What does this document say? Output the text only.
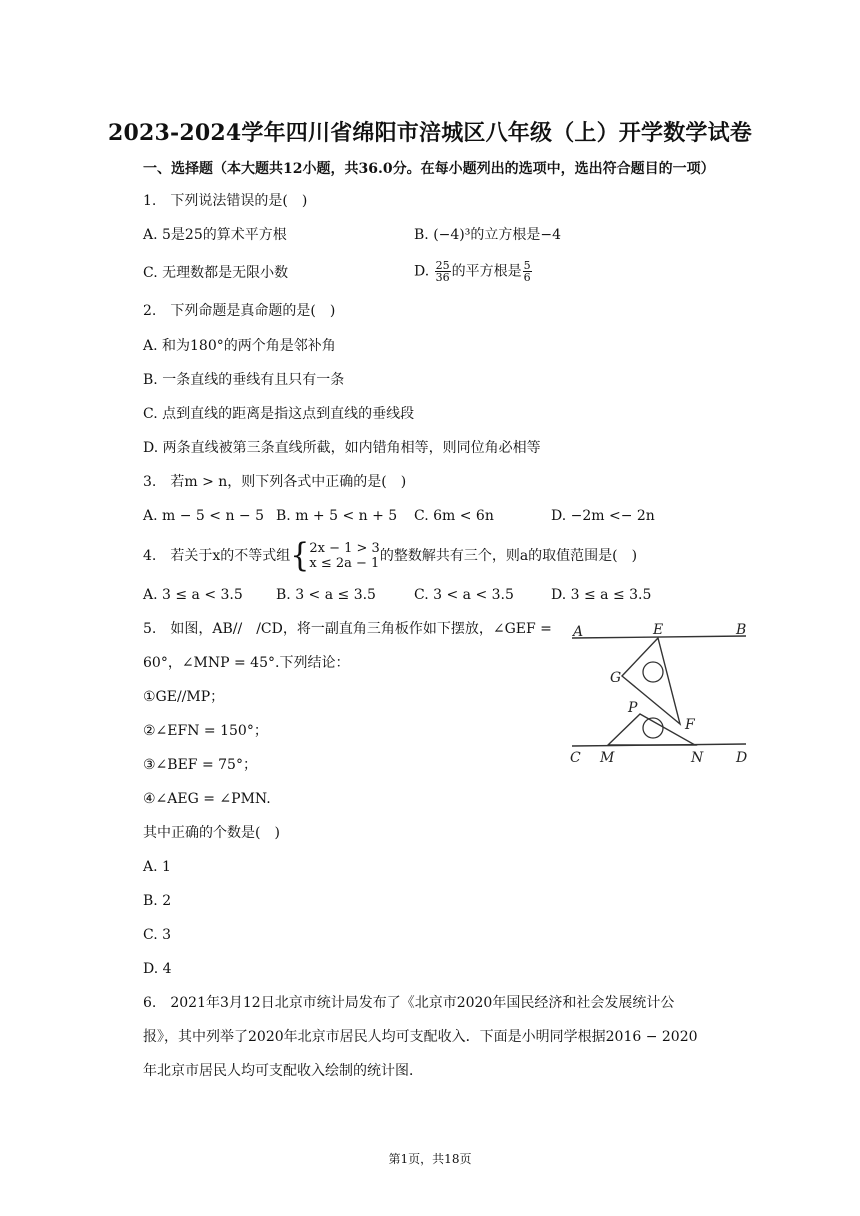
2023-2024学年四川省绵阳市涪城区八年级（上）开学数学试卷
一、选择题（本大题共12小题，共36.0分。在每小题列出的选项中，选出符合题目的一项）
1.　下列说法错误的是(　)
A. 5是25的算术平方根	B. (−4)³的立方根是−4
C. 无理数都是无限小数	D. $\frac{25}{36}$ 的平方根是 $\frac{5}{6}$
2.　下列命题是真命题的是(　)
A. 和为180°的两个角是邻补角
B. 一条直线的垂线有且只有一条
C. 点到直线的距离是指这点到直线的垂线段
D. 两条直线被第三条直线所截，如内错角相等，则同位角必相等
3.　若m > n，则下列各式中正确的是(　)
A. m − 5 < n − 5 B. m + 5 < n + 5 C. 6m < 6n	D. −2m <− 2n
4.　若关于x的不等式组{ 2x − 1 > 3
x ≤ 2a − 1 的整数解共有三个，则a的取值范围是(　)
A. 3 ≤ a < 3.5 B. 3 < a ≤ 3.5	C. 3 < a < 3.5	D. 3 ≤ a ≤ 3.5
5.　如图，AB//　/CD，将一副直角三角板作如下摆放，∠GEF =
60°，∠MNP = 45°.下列结论：
①GE//MP；
②∠EFN = 150°；
③∠BEF = 75°；
④∠AEG = ∠PMN.
其中正确的个数是(　)
A. 1
B. 2
C. 3
D. 4
A	E	B
G
P
F
C M	N D
6.　2021年3月12日北京市统计局发布了《北京市2020年国民经济和社会发展统计公
报》，其中列举了2020年北京市居民人均可支配收入．下面是小明同学根据2016 − 2020
年北京市居民人均可支配收入绘制的统计图．
第1页，共18页
